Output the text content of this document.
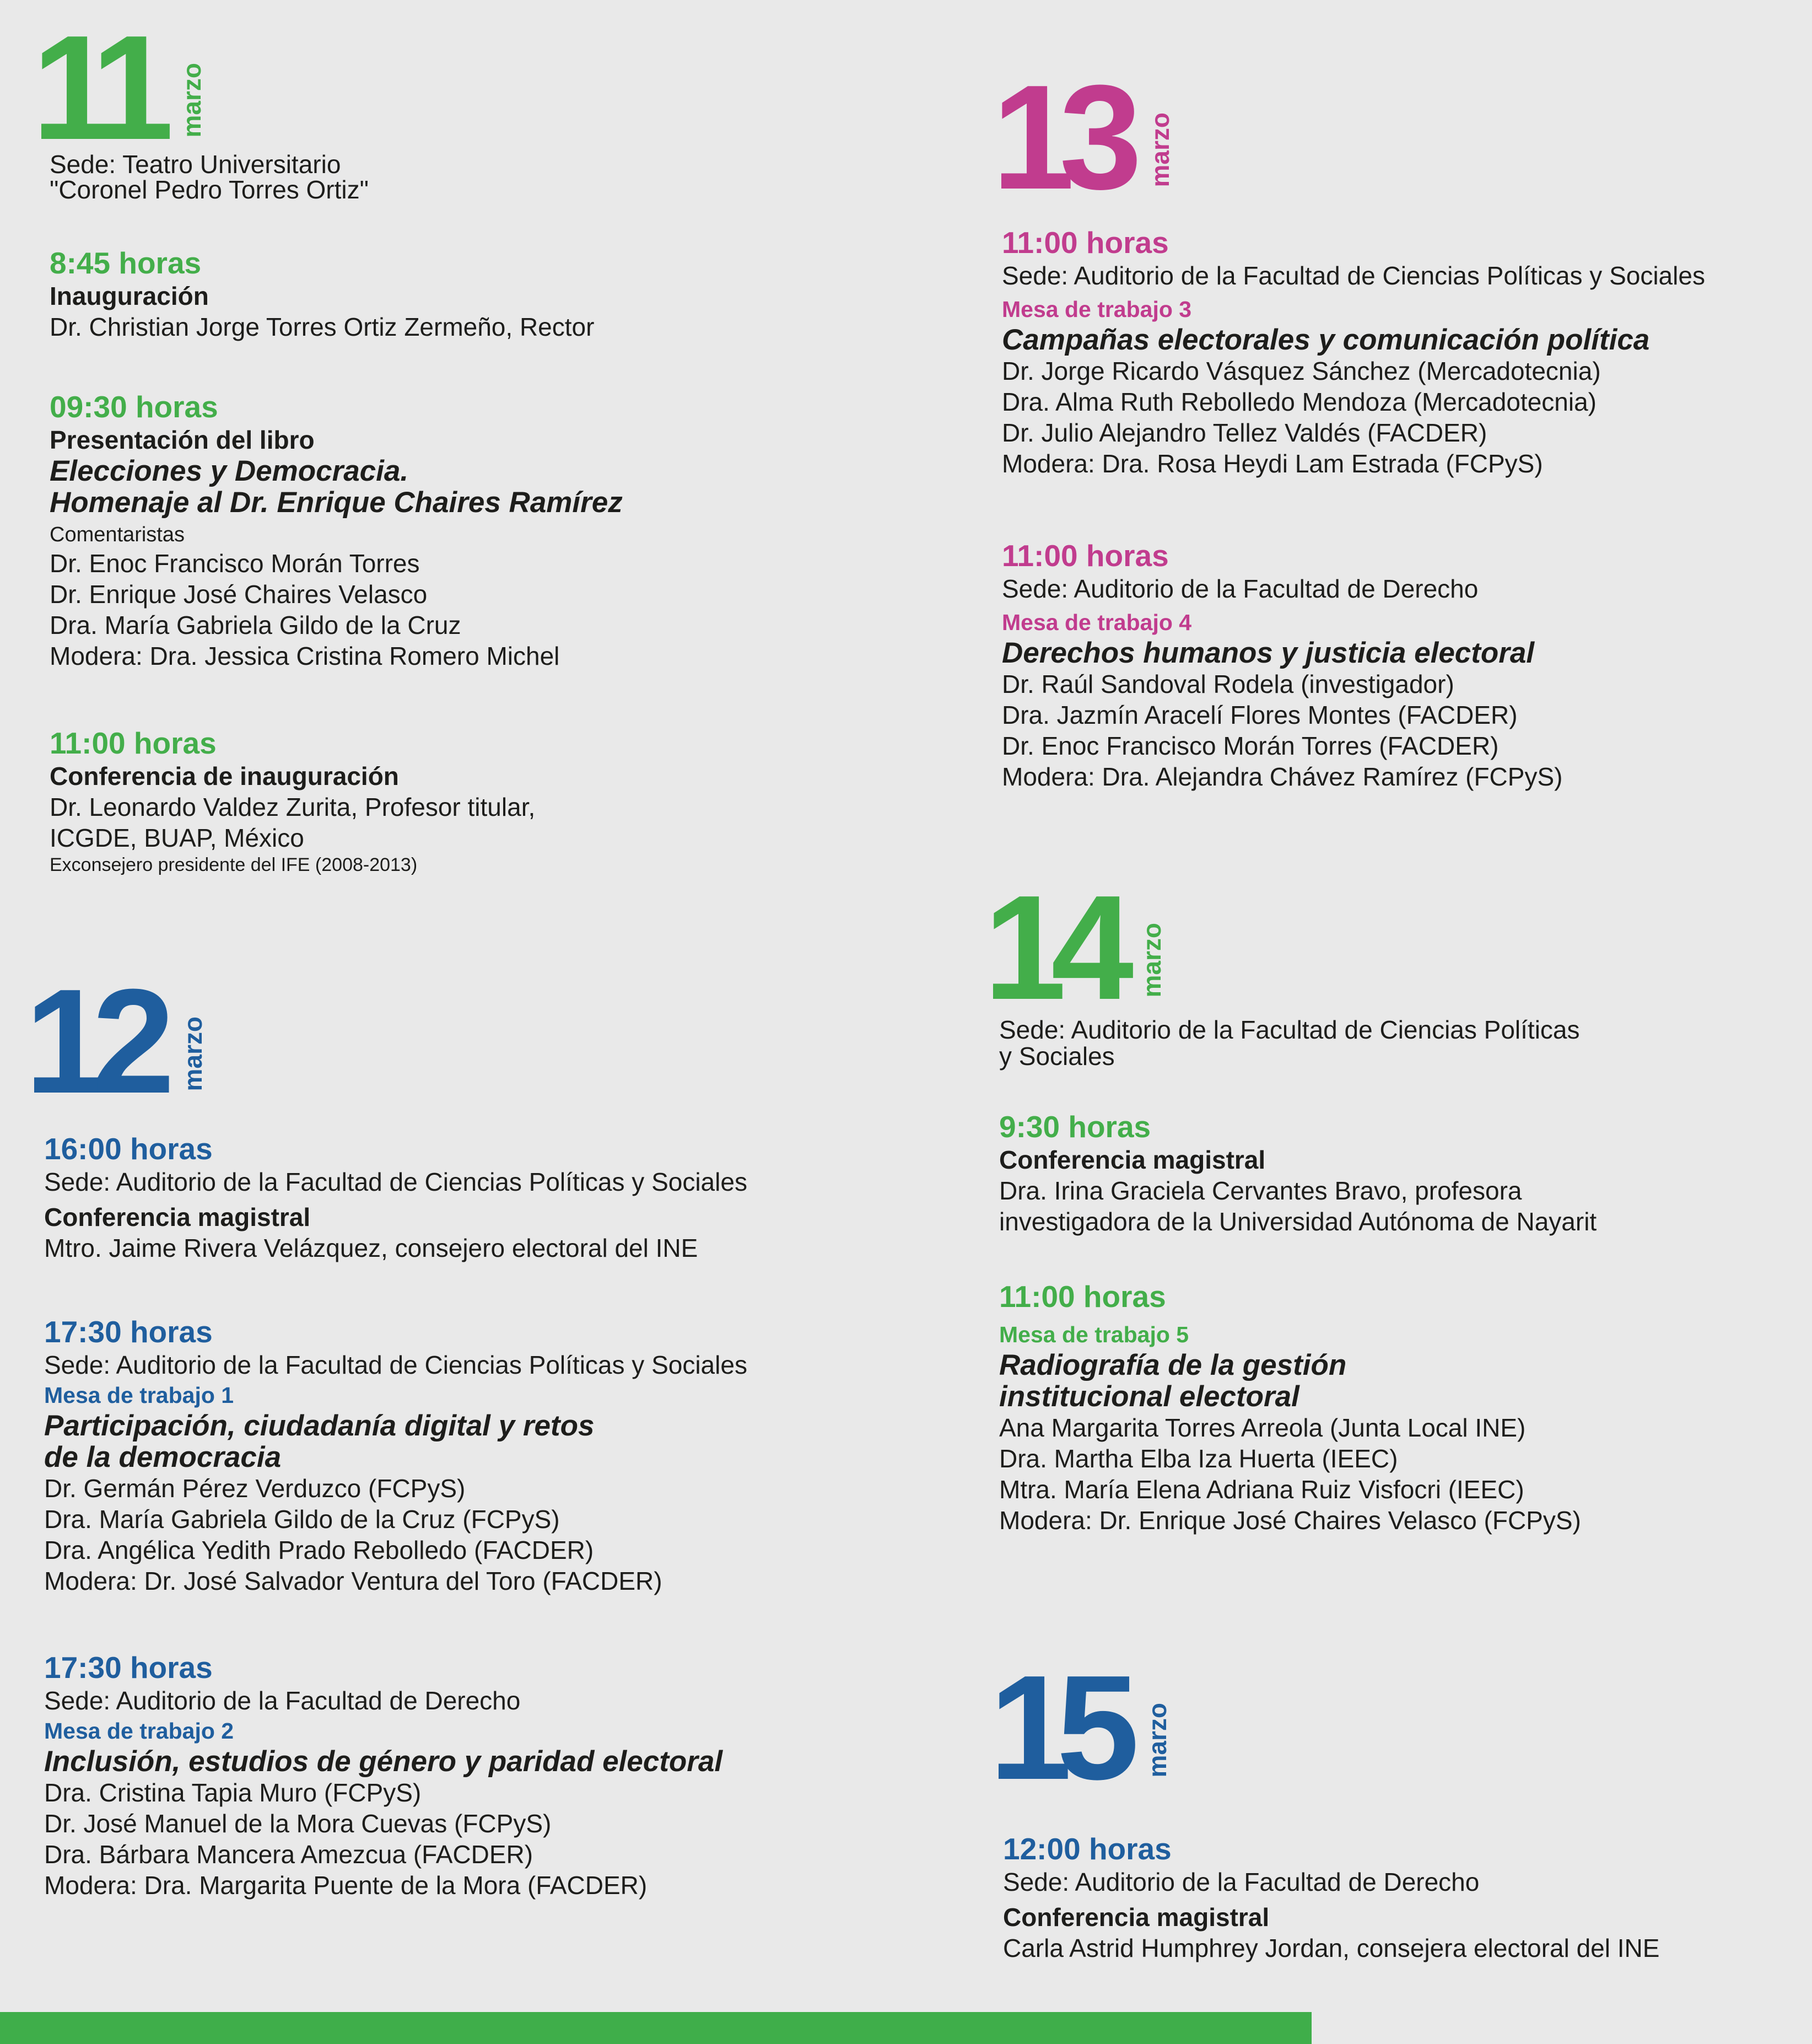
11 marzo
Sede: Teatro Universitario
"Coronel Pedro Torres Ortiz"
8:45 horas
Inauguración
Dr. Christian Jorge Torres Ortiz Zermeño, Rector
09:30 horas
Presentación del libro
Elecciones y Democracia.
Homenaje al Dr. Enrique Chaires Ramírez
Comentaristas
Dr. Enoc Francisco Morán Torres
Dr. Enrique José Chaires Velasco
Dra. María Gabriela Gildo de la Cruz
Modera: Dra. Jessica Cristina Romero Michel
11:00 horas
Conferencia de inauguración
Dr. Leonardo Valdez Zurita, Profesor titular,
ICGDE, BUAP, México
Exconsejero presidente del IFE (2008-2013)
12 marzo
16:00 horas
Sede: Auditorio de la Facultad de Ciencias Políticas y Sociales
Conferencia magistral
Mtro. Jaime Rivera Velázquez, consejero electoral del INE
17:30 horas
Sede: Auditorio de la Facultad de Ciencias Políticas y Sociales
Mesa de trabajo 1
Participación, ciudadanía digital y retos
de la democracia
Dr. Germán Pérez Verduzco (FCPyS)
Dra. María Gabriela Gildo de la Cruz (FCPyS)
Dra. Angélica Yedith Prado Rebolledo (FACDER)
Modera: Dr. José Salvador Ventura del Toro (FACDER)
17:30 horas
Sede: Auditorio de la Facultad de Derecho
Mesa de trabajo 2
Inclusión, estudios de género y paridad electoral
Dra. Cristina Tapia Muro (FCPyS)
Dr. José Manuel de la Mora Cuevas (FCPyS)
Dra. Bárbara Mancera Amezcua (FACDER)
Modera: Dra. Margarita Puente de la Mora (FACDER)
13 marzo
11:00 horas
Sede: Auditorio de la Facultad de Ciencias Políticas y Sociales
Mesa de trabajo 3
Campañas electorales y comunicación política
Dr. Jorge Ricardo Vásquez Sánchez (Mercadotecnia)
Dra. Alma Ruth Rebolledo Mendoza (Mercadotecnia)
Dr. Julio Alejandro Tellez Valdés (FACDER)
Modera: Dra. Rosa Heydi Lam Estrada (FCPyS)
11:00 horas
Sede: Auditorio de la Facultad de Derecho
Mesa de trabajo 4
Derechos humanos y justicia electoral
Dr. Raúl Sandoval Rodela (investigador)
Dra. Jazmín Aracelí Flores Montes (FACDER)
Dr. Enoc Francisco Morán Torres (FACDER)
Modera: Dra. Alejandra Chávez Ramírez (FCPyS)
14 marzo
Sede: Auditorio de la Facultad de Ciencias Políticas
y Sociales
9:30 horas
Conferencia magistral
Dra. Irina Graciela Cervantes Bravo, profesora
investigadora de la Universidad Autónoma de Nayarit
11:00 horas
Mesa de trabajo 5
Radiografía de la gestión
institucional electoral
Ana Margarita Torres Arreola (Junta Local INE)
Dra. Martha Elba Iza Huerta (IEEC)
Mtra. María Elena Adriana Ruiz Visfocri (IEEC)
Modera: Dr. Enrique José Chaires Velasco (FCPyS)
15 marzo
12:00 horas
Sede: Auditorio de la Facultad de Derecho
Conferencia magistral
Carla Astrid Humphrey Jordan, consejera electoral del INE
